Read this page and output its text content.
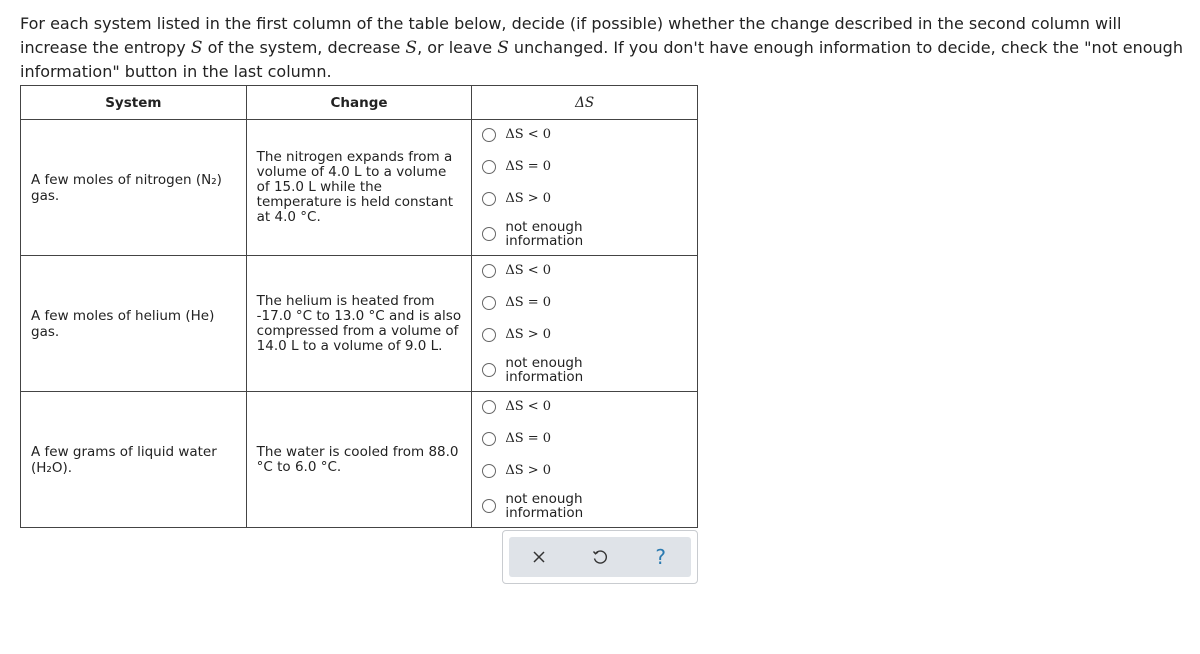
For each system listed in the first column of the table below, decide (if possible) whether the change described in the second column will increase the entropy S of the system, decrease S, or leave S unchanged. If you don't have enough information to decide, check the "not enough information" button in the last column.
System	Change	ΔS
A few moles of nitrogen (N₂) gas.	The nitrogen expands from a volume of 4.0 L to a volume of 15.0 L while the temperature is held constant at 4.0 °C.	ΔS < 0
ΔS = 0
ΔS > 0
not enough information

A few moles of helium (He) gas.	The helium is heated from -17.0 °C to 13.0 °C and is also compressed from a volume of 14.0 L to a volume of 9.0 L.	ΔS < 0
ΔS = 0
ΔS > 0
not enough information

A few grams of liquid water (H₂O).	The water is cooled from 88.0 °C to 6.0 °C.	ΔS < 0
ΔS = 0
ΔS > 0
not enough information
?
